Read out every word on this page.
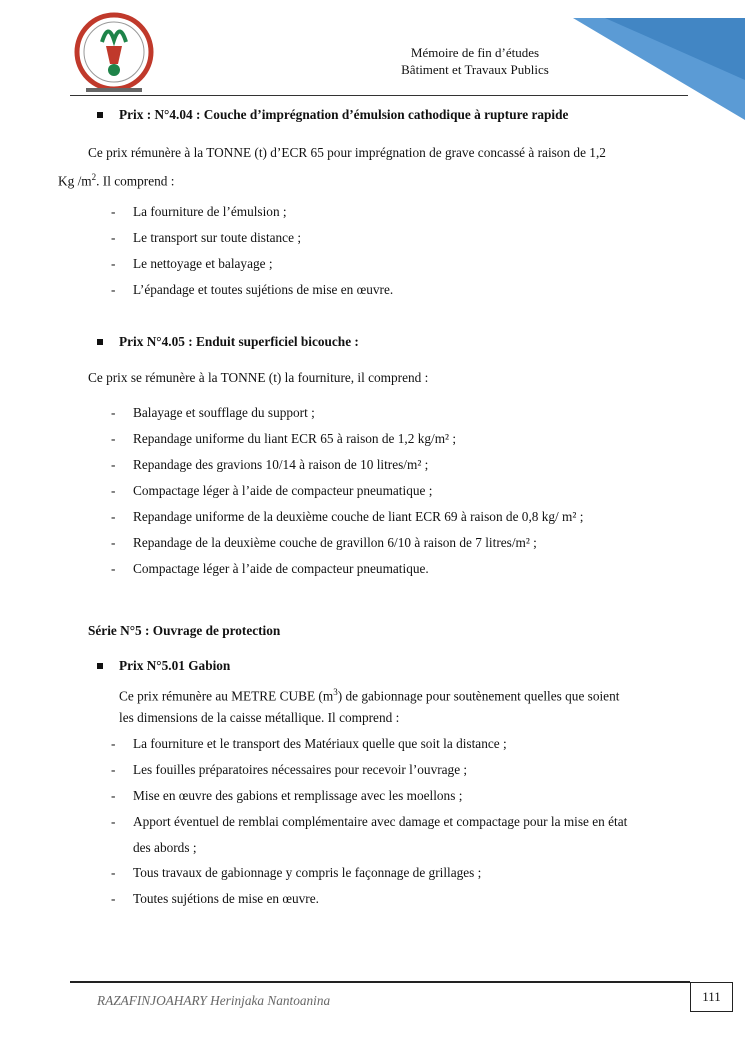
Mémoire de fin d’études
Bâtiment et Travaux Publics
Prix : N°4.04 : Couche d’imprégnation d’émulsion cathodique à rupture rapide
Ce prix rémunère à la TONNE (t) d’ECR 65 pour imprégnation de grave concassé à raison de 1,2
Kg $/m^2$. Il comprend :
- La fourniture de l’émulsion ;
- Le transport sur toute distance ;
- Le nettoyage et balayage ;
- L’épandage et toutes sujétions de mise en œuvre.
Prix N°4.05 : Enduit superficiel bicouche :
Ce prix se rémunère à la TONNE (t) la fourniture, il comprend :
- Balayage et soufflage du support ;
- Repandage uniforme du liant ECR 65 à raison de 1,2 kg/m² ;
- Repandage des gravions 10/14 à raison de 10 litres/m² ;
- Compactage léger à l’aide de compacteur pneumatique ;
- Repandage uniforme de la deuxième couche de liant ECR 69 à raison de 0,8 kg/ m² ;
- Repandage de la deuxième couche de gravillon 6/10 à raison de 7 litres/m² ;
- Compactage léger à l’aide de compacteur pneumatique.
Série N°5 : Ouvrage de protection
Prix N°5.01 Gabion
Ce prix rémunère au METRE CUBE $(m^3)$ de gabionnage pour soutènement quelles que soient
les dimensions de la caisse métallique. Il comprend :
- La fourniture et le transport des Matériaux quelle que soit la distance ;
- Les fouilles préparatoires nécessaires pour recevoir l’ouvrage ;
- Mise en œuvre des gabions et remplissage avec les moellons ;
- Apport éventuel de remblai complémentaire avec damage et compactage pour la mise en état
des abords ;
- Tous travaux de gabionnage y compris le façonnage de grillages ;
- Toutes sujétions de mise en œuvre.
111
RAZAFINJOAHARY Herinjaka Nantoanina
